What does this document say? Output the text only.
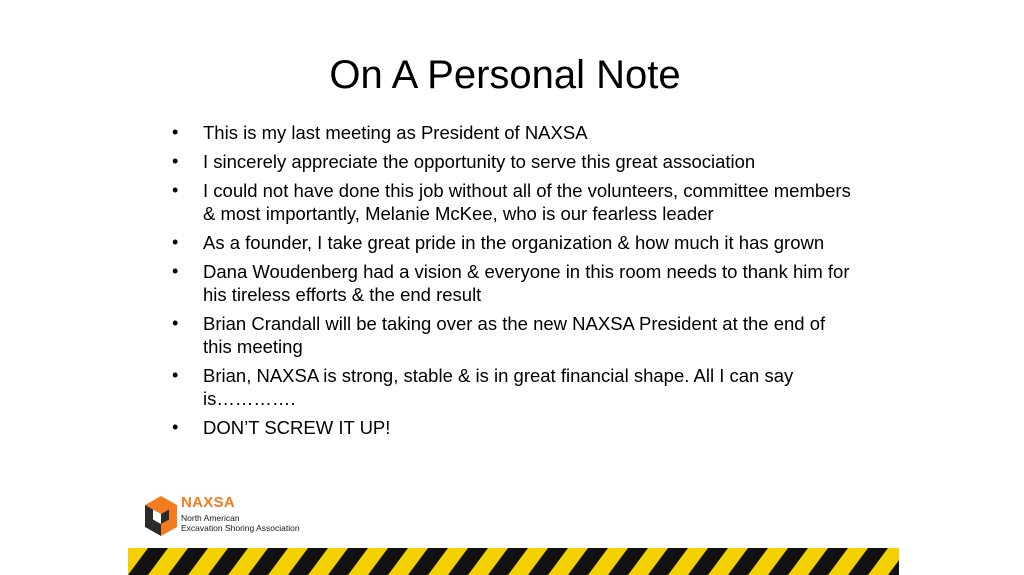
On A Personal Note
• This is my last meeting as President of NAXSA
• I sincerely appreciate the opportunity to serve this great association
• I could not have done this job without all of the volunteers, committee members & most importantly, Melanie McKee, who is our fearless leader
• As a founder, I take great pride in the organization & how much it has grown
• Dana Woudenberg had a vision & everyone in this room needs to thank him for his tireless efforts & the end result
• Brian Crandall will be taking over as the new NAXSA President at the end of this meeting
• Brian, NAXSA is strong, stable & is in great financial shape. All I can say is………….
• DON’T SCREW IT UP!
NAXSA
North American
Excavation Shoring Association
